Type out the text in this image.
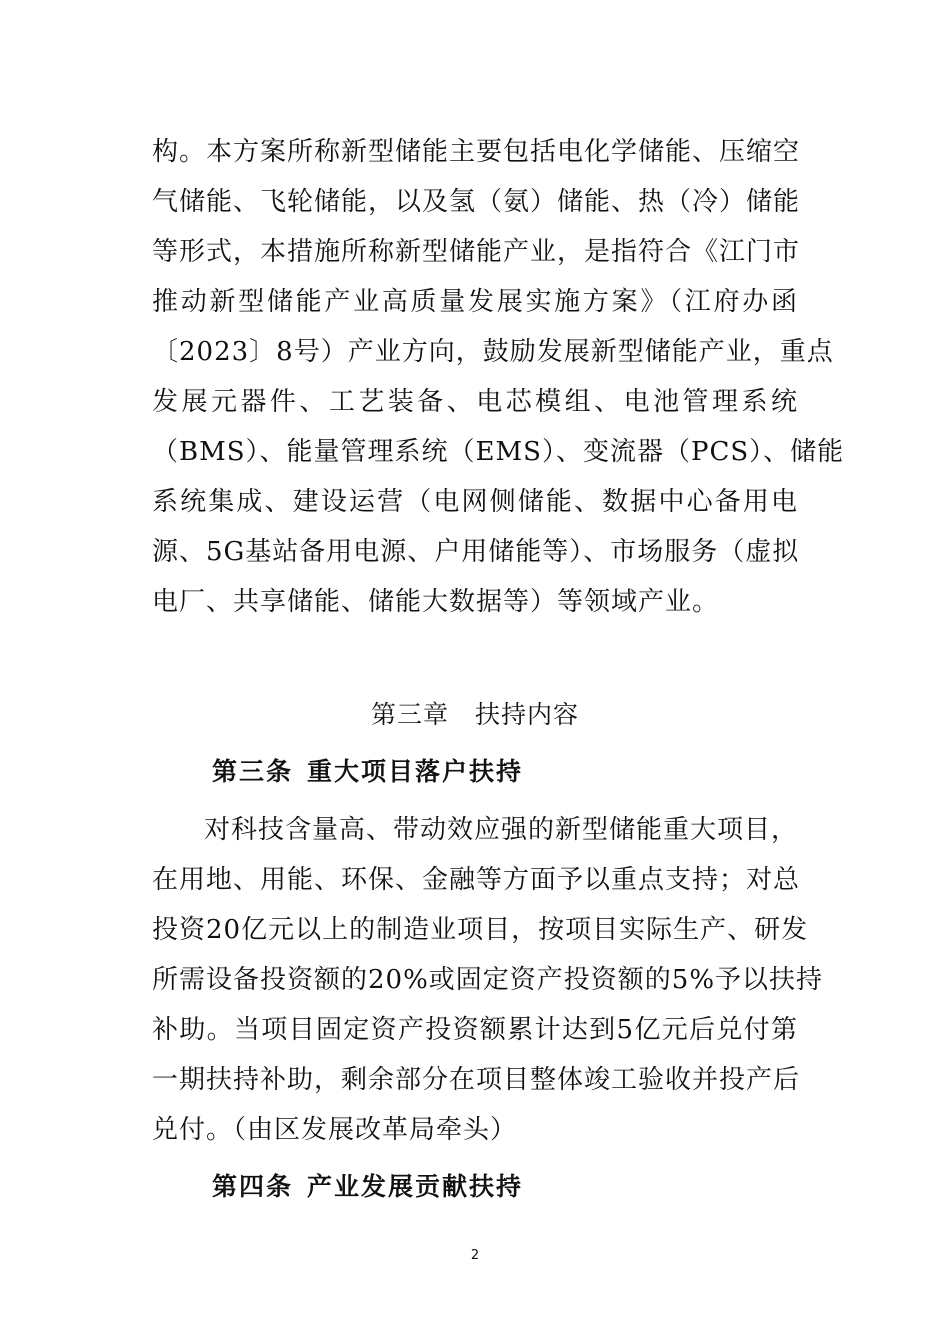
构。本方案所称新型储能主要包括电化学储能、压缩空
气储能、飞轮储能，以及氢（氨）储能、热（冷）储能
等形式，本措施所称新型储能产业，是指符合《江门市
推动新型储能产业高质量发展实施方案》（江府办函
〔2023〕8号）产业方向，鼓励发展新型储能产业，重点
发展元器件、工艺装备、电芯模组、电池管理系统
（BMS）、能量管理系统（EMS）、变流器（PCS）、储能
系统集成、建设运营（电网侧储能、数据中心备用电
源、5G基站备用电源、户用储能等）、市场服务（虚拟
电厂、共享储能、储能大数据等）等领域产业。
第三章 扶持内容
第三条 重大项目落户扶持
对科技含量高、带动效应强的新型储能重大项目，
在用地、用能、环保、金融等方面予以重点支持；对总
投资20亿元以上的制造业项目，按项目实际生产、研发
所需设备投资额的20%或固定资产投资额的5%予以扶持
补助。当项目固定资产投资额累计达到5亿元后兑付第
一期扶持补助，剩余部分在项目整体竣工验收并投产后
兑付。（由区发展改革局牵头）
第四条 产业发展贡献扶持
2
